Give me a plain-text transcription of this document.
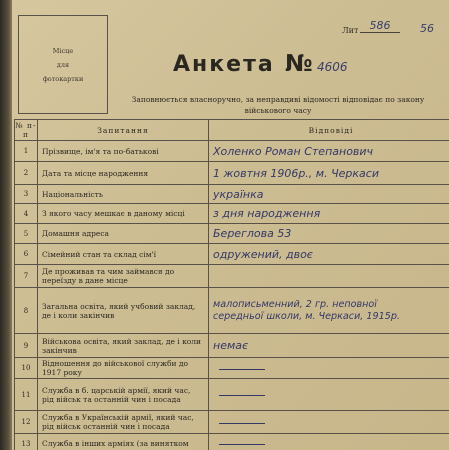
Місце
для
фотокартки
Лит	586	56
Анкета № 4606
Заповнюється власноручно, за неправдиві відомості відповідає по закону військового часу
№ п-п	Запитання	Відповіді
1	Прізвище, ім'я та по-батькові	Холенко Роман Степанович

2	Дата та місце народження	1 жовтня 1906р., м. Черкаси

3	Національність	українка

4	З якого часу мешкає в даному місці	з дня народження

5	Домашня адреса	Береглова 53

6	Сімейний стан та склад сім'ї	одружений, двоє

7	Де проживав та чим займався до переїзду в дане місце	
8	Загальна освіта, який учбовий заклад, де і коли закінчив	малописьменний, 2 гр. неповної
середньої школи, м. Черкаси, 1915р.

9	Військова освіта, який заклад, де і коли закінчив	немає

10	Відношення до військової служби до 1917 року	
11	Служба в б. царській армії, який час, рід військ та останній чин і посада	
12	Служба в Українській армії, який час, рід військ останній чин і посада	
13	Служба в інших арміях (за винятком	
